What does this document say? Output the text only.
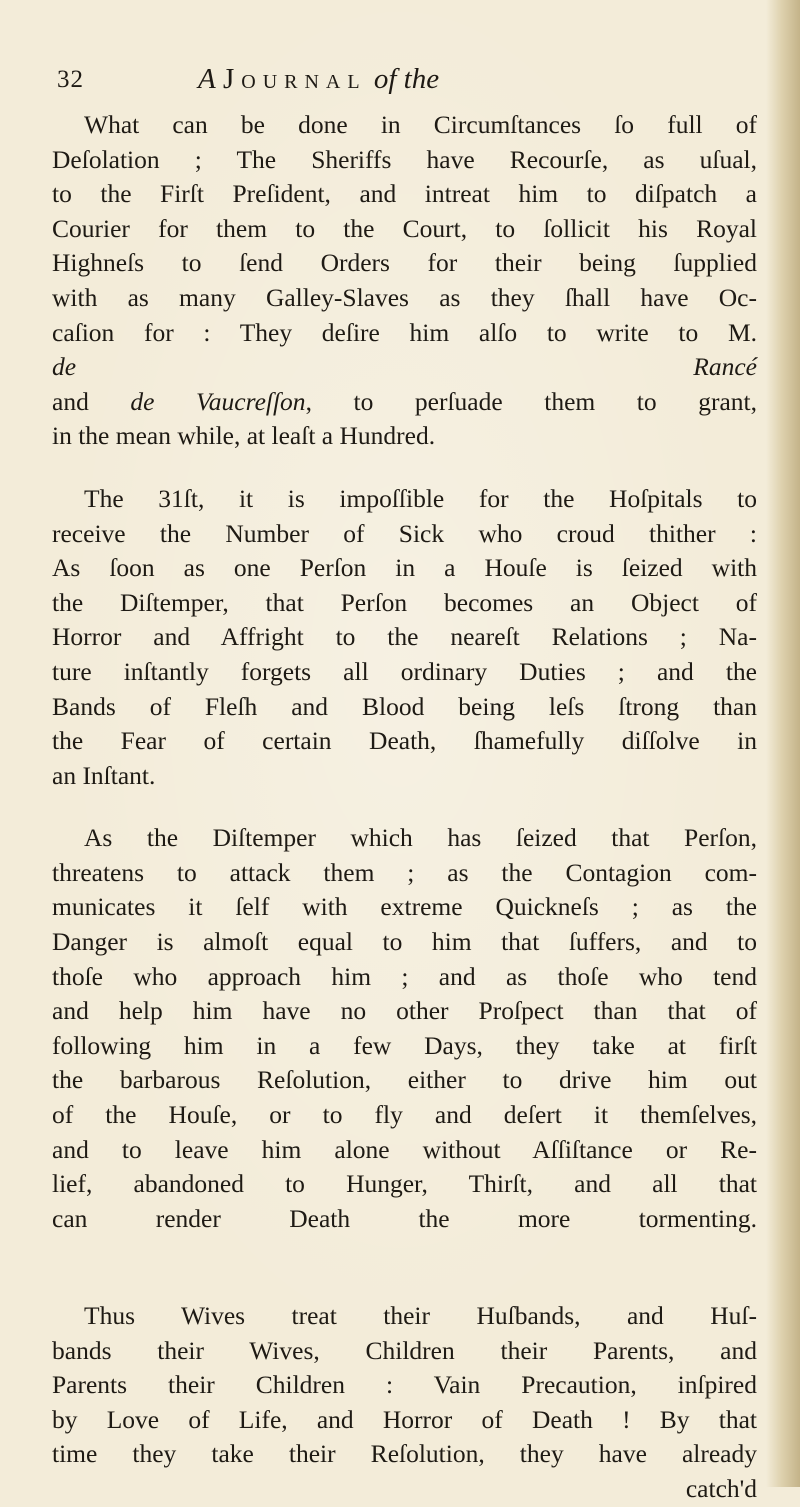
32	A Journal of the
What can be done in Circumſtances ſo full of
Deſolation ; The Sheriffs have Recourſe, as uſual,
to the Firſt Preſident, and intreat him to diſpatch a
Courier for them to the Court, to ſollicit his Royal
Highneſs to ſend Orders for their being ſupplied
with as many Galley-Slaves as they ſhall have Oc-
caſion for : They deſire him alſo to write to M.
de Rancé
and de Vaucreſſon, to perſuade them to grant,
in the mean while, at leaſt a Hundred.
The 31ſt, it is impoſſible for the Hoſpitals to
receive the Number of Sick who croud thither :
As ſoon as one Perſon in a Houſe is ſeized with
the Diſtemper, that Perſon becomes an Object of
Horror and Affright to the neareſt Relations ; Na-
ture inſtantly forgets all ordinary Duties ; and the
Bands of Fleſh and Blood being leſs ſtrong than
the Fear of certain Death, ſhamefully diſſolve in
an Inſtant.
As the Diſtemper which has ſeized that Perſon,
threatens to attack them ; as the Contagion com-
municates it ſelf with extreme Quickneſs ; as the
Danger is almoſt equal to him that ſuffers, and to
thoſe who approach him ; and as thoſe who tend
and help him have no other Proſpect than that of
following him in a few Days, they take at firſt
the barbarous Reſolution, either to drive him out
of the Houſe, or to fly and deſert it themſelves,
and to leave him alone without Aſſiſtance or Re-
lief, abandoned to Hunger, Thirſt, and all that
can render Death the more tormenting.
Thus Wives treat their Huſbands, and Huſ-
bands their Wives, Children their Parents, and
Parents their Children : Vain Precaution, inſpired
by Love of Life, and Horror of Death ! By that
time they take their Reſolution, they have already
catch'd
